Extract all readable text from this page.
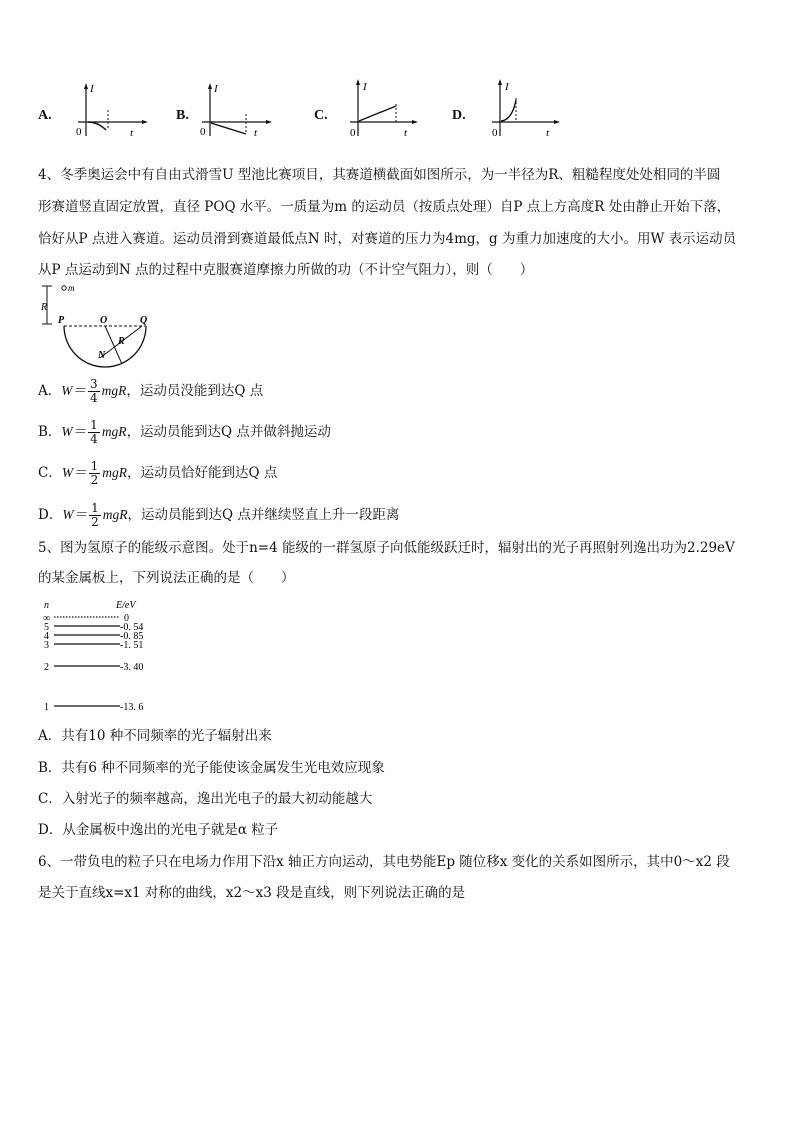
A.
I
t
0
B.
I
t
0
C.
I
t
0
D.
I
t
0
4、冬季奥运会中有自由式滑雪U 型池比赛项目，其赛道横截面如图所示，为一半径为R、粗糙程度处处相同的半圆
形赛道竖直固定放置，直径 POQ 水平。一质量为m 的运动员（按质点处理）自P 点上方高度R 处由静止开始下落，
恰好从P 点进入赛道。运动员滑到赛道最低点N 时，对赛道的压力为4mg，g 为重力加速度的大小。用W 表示运动员
从P 点运动到N 点的过程中克服赛道摩擦力所做的功（不计空气阻力），则（　　）
R
m
P	O	Q
R
N
A．$W= \frac{3}{4}$ mgR，运动员没能到达Q 点
B．$W= \frac{1}{4}$ mgR，运动员能到达Q 点并做斜抛运动
C．$W= \frac{1}{2}$ mgR，运动员恰好能到达Q 点
D．$W= \frac{1}{2}$ mgR，运动员能到达Q 点并继续竖直上升一段距离
5、图为氢原子的能级示意图。处于n=4 能级的一群氢原子向低能级跃迁时，辐射出的光子再照射列逸出功为2.29eV
的某金属板上，下列说法正确的是（　　）
n	E/eV
∞
5
4
3
2
1
0
-0. 54
-0. 85
-1. 51
-3. 40
-13. 6
A．共有10 种不同频率的光子辐射出来
B．共有6 种不同频率的光子能使该金属发生光电效应现象
C．入射光子的频率越高，逸出光电子的最大初动能越大
D．从金属板中逸出的光电子就是α 粒子
6、一带负电的粒子只在电场力作用下沿x 轴正方向运动，其电势能Ep 随位移x 变化的关系如图所示，其中0～x2 段
是关于直线x=x1 对称的曲线，x2～x3 段是直线，则下列说法正确的是
